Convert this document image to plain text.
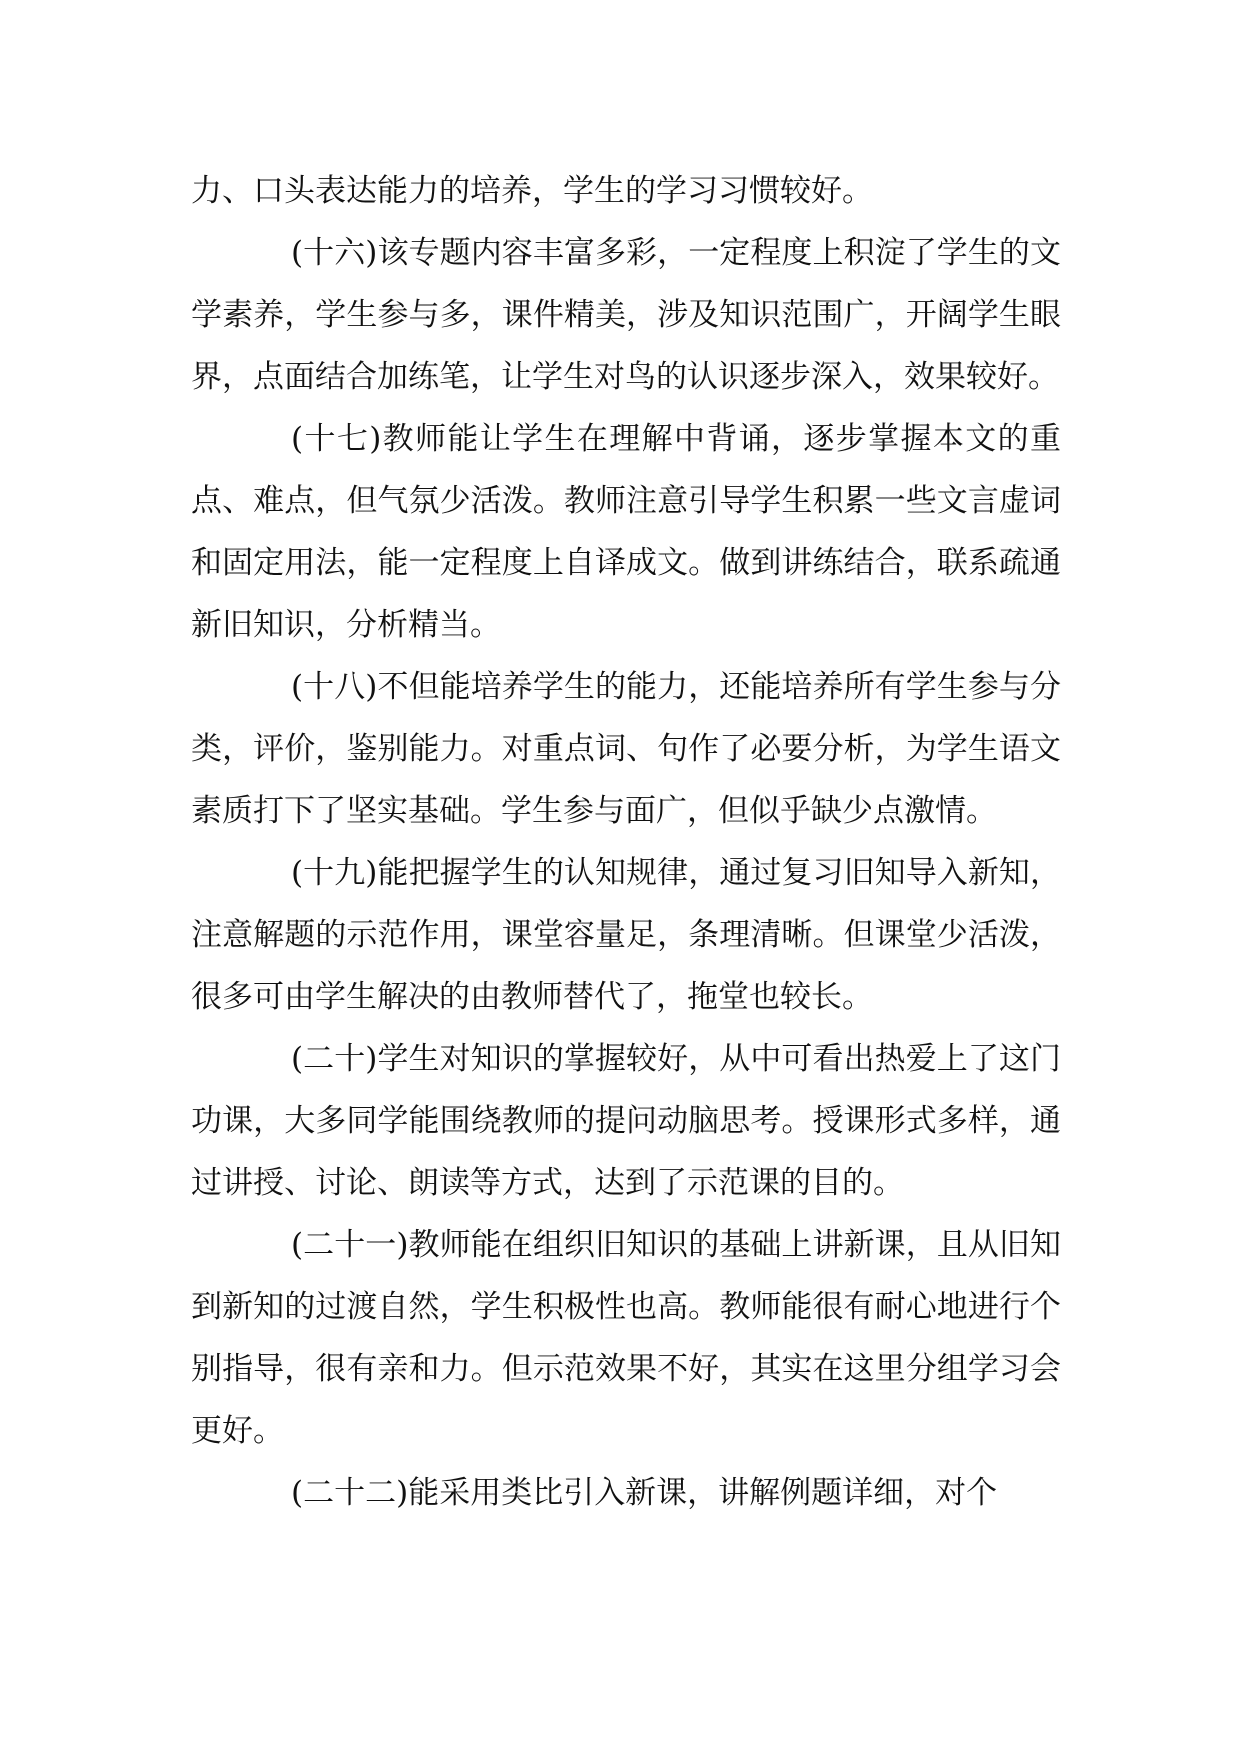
力、口头表达能力的培养，学生的学习习惯较好。

(十六)该专题内容丰富多彩，一定程度上积淀了学生的文学素养，学生参与多，课件精美，涉及知识范围广，开阔学生眼界，点面结合加练笔，让学生对鸟的认识逐步深入，效果较好。

(十七)教师能让学生在理解中背诵，逐步掌握本文的重点、难点，但气氛少活泼。教师注意引导学生积累一些文言虚词和固定用法，能一定程度上自译成文。做到讲练结合，联系疏通新旧知识，分析精当。

(十八)不但能培养学生的能力，还能培养所有学生参与分类，评价，鉴别能力。对重点词、句作了必要分析，为学生语文素质打下了坚实基础。学生参与面广，但似乎缺少点激情。

(十九)能把握学生的认知规律，通过复习旧知导入新知，注意解题的示范作用，课堂容量足，条理清晰。但课堂少活泼，很多可由学生解决的由教师替代了，拖堂也较长。

(二十)学生对知识的掌握较好，从中可看出热爱上了这门功课，大多同学能围绕教师的提问动脑思考。授课形式多样，通过讲授、讨论、朗读等方式，达到了示范课的目的。

(二十一)教师能在组织旧知识的基础上讲新课，且从旧知到新知的过渡自然，学生积极性也高。教师能很有耐心地进行个别指导，很有亲和力。但示范效果不好，其实在这里分组学习会更好。

(二十二)能采用类比引入新课，讲解例题详细，对个
